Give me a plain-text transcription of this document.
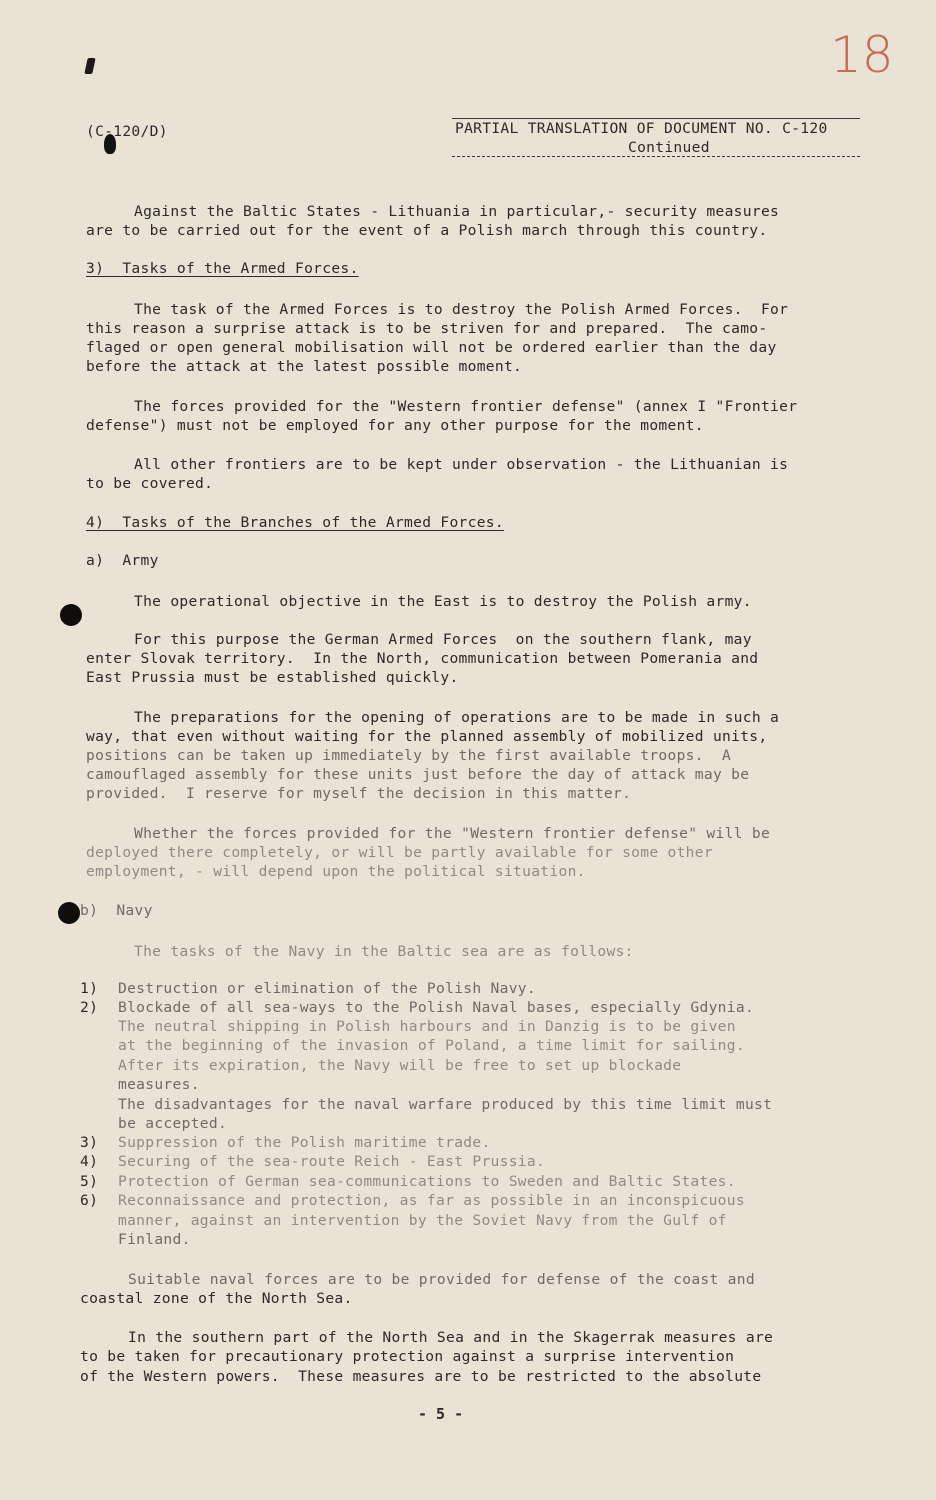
18
(C-120/D)	PARTIAL TRANSLATION OF DOCUMENT NO. C-120
Continued
Against the Baltic States - Lithuania in particular,- security measures
are to be carried out for the event of a Polish march through this country.
3)  Tasks of the Armed Forces.
The task of the Armed Forces is to destroy the Polish Armed Forces.  For
this reason a surprise attack is to be striven for and prepared.  The camo-
flaged or open general mobilisation will not be ordered earlier than the day
before the attack at the latest possible moment.
The forces provided for the "Western frontier defense" (annex I "Frontier
defense") must not be employed for any other purpose for the moment.
All other frontiers are to be kept under observation - the Lithuanian is
to be covered.
4)  Tasks of the Branches of the Armed Forces.
a)  Army
The operational objective in the East is to destroy the Polish army.
For this purpose the German Armed Forces  on the southern flank, may
enter Slovak territory.  In the North, communication between Pomerania and
East Prussia must be established quickly.
The preparations for the opening of operations are to be made in such a
way, that even without waiting for the planned assembly of mobilized units,
positions can be taken up immediately by the first available troops.  A
camouflaged assembly for these units just before the day of attack may be
provided.  I reserve for myself the decision in this matter.
Whether the forces provided for the "Western frontier defense" will be
deployed there completely, or will be partly available for some other
employment, - will depend upon the political situation.
b)  Navy
The tasks of the Navy in the Baltic sea are as follows:
1) Destruction or elimination of the Polish Navy.
2) Blockade of all sea-ways to the Polish Naval bases, especially Gdynia.
The neutral shipping in Polish harbours and in Danzig is to be given
at the beginning of the invasion of Poland, a time limit for sailing.
After its expiration, the Navy will be free to set up blockade
measures.
The disadvantages for the naval warfare produced by this time limit must
be accepted.
3) Suppression of the Polish maritime trade.
4) Securing of the sea-route Reich - East Prussia.
5) Protection of German sea-communications to Sweden and Baltic States.
6) Reconnaissance and protection, as far as possible in an inconspicuous
manner, against an intervention by the Soviet Navy from the Gulf of
Finland.
Suitable naval forces are to be provided for defense of the coast and
coastal zone of the North Sea.
In the southern part of the North Sea and in the Skagerrak measures are
to be taken for precautionary protection against a surprise intervention
of the Western powers.  These measures are to be restricted to the absolute
- 5 -
